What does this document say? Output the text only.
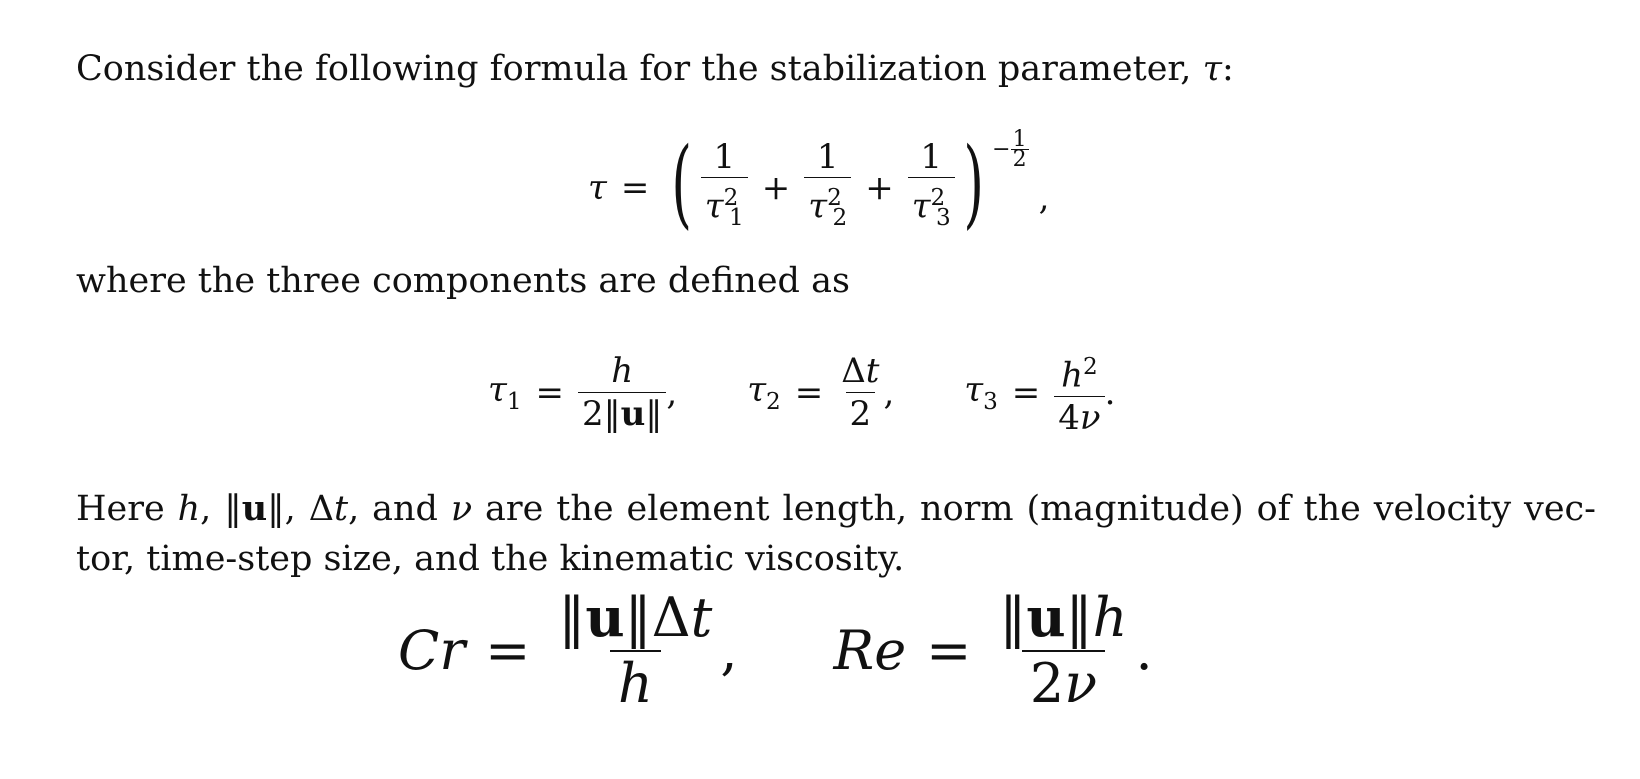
Consider the following formula for the stabilization parameter, τ:

τ = ( $\frac{1}{\tau^2_1} + \frac{1}{\tau^2_2} + \frac{1}{\tau^2_3}$ ) − $\frac{1}{2}$
,

where the three components are defined as

$\tau_1 = \frac{h}{2‖u‖}$ , $\tau_2 = \frac{\Delta t}{2}$ , $\tau_3 = \frac{h^2}{4\nu}$ .

Here h, ‖u‖, Δt, and ν are the element length, norm (magnitude) of the velocity vec- tor, time-step size, and the kinematic viscosity.

$Cr = \frac{‖u‖\Delta t}{h}$ , $Re = \frac{‖u‖h}{2\nu}$ .
